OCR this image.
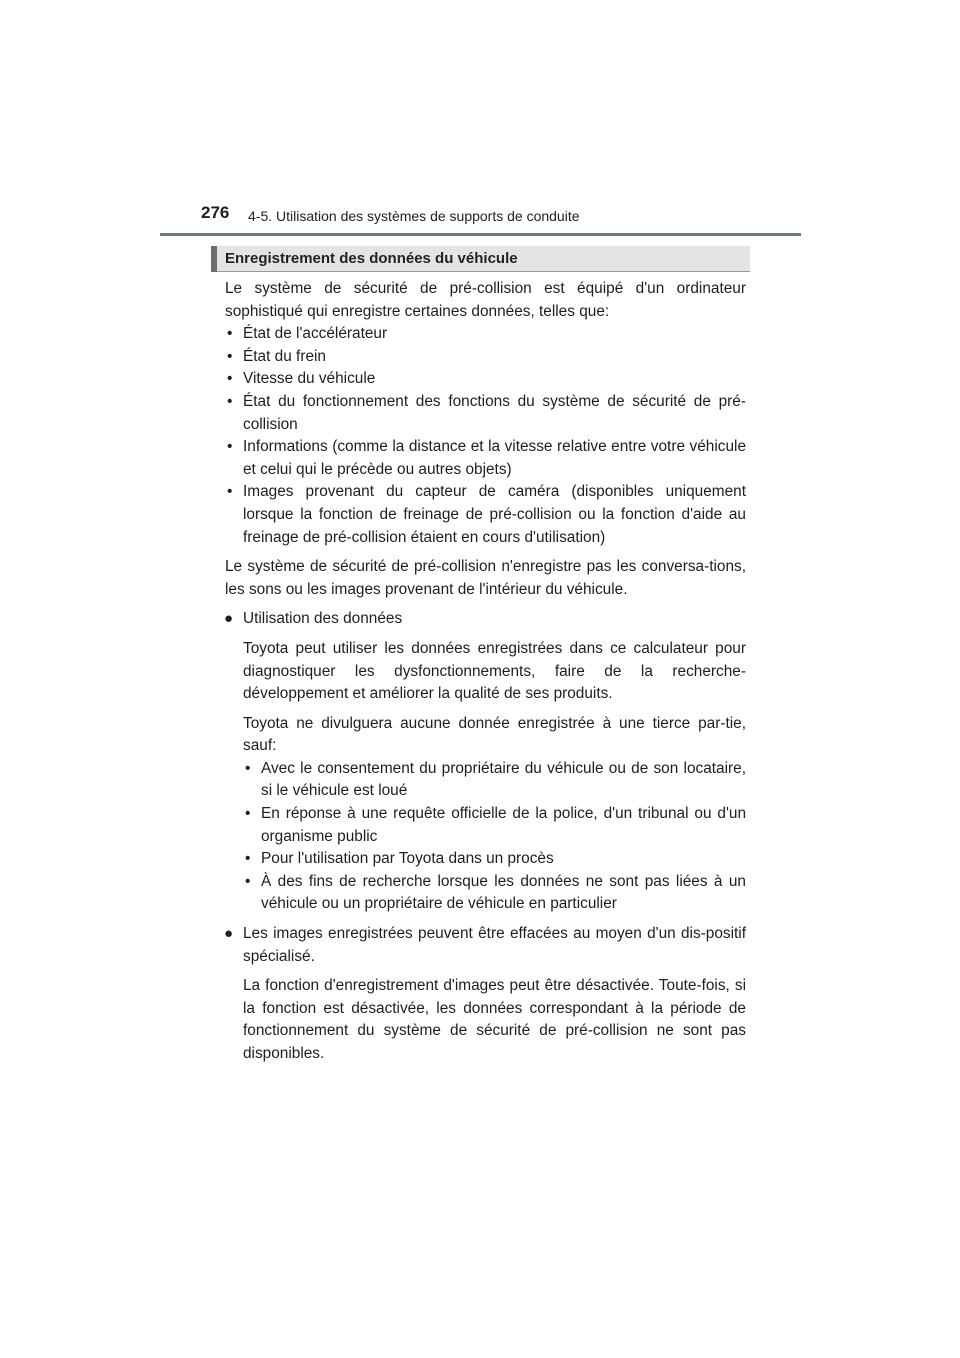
276 4-5. Utilisation des systèmes de supports de conduite
Enregistrement des données du véhicule

Le système de sécurité de pré-collision est équipé d'un ordinateur sophistiqué qui enregistre certaines données, telles que:

• État de l'accélérateur
• État du frein
• Vitesse du véhicule
• État du fonctionnement des fonctions du système de sécurité de pré-collision
• Informations (comme la distance et la vitesse relative entre votre véhicule et celui qui le précède ou autres objets)
• Images provenant du capteur de caméra (disponibles uniquement lorsque la fonction de freinage de pré-collision ou la fonction d'aide au freinage de pré-collision étaient en cours d'utilisation)

Le système de sécurité de pré-collision n'enregistre pas les conversa-tions, les sons ou les images provenant de l'intérieur du véhicule.

● Utilisation des données

Toyota peut utiliser les données enregistrées dans ce calculateur pour diagnostiquer les dysfonctionnements, faire de la recherche-développement et améliorer la qualité de ses produits.

Toyota ne divulguera aucune donnée enregistrée à une tierce par-tie, sauf:

• Avec le consentement du propriétaire du véhicule ou de son locataire, si le véhicule est loué
• En réponse à une requête officielle de la police, d'un tribunal ou d'un organisme public
• Pour l'utilisation par Toyota dans un procès
• À des fins de recherche lorsque les données ne sont pas liées à un véhicule ou un propriétaire de véhicule en particulier
● Les images enregistrées peuvent être effacées au moyen d'un dis-positif spécialisé.

La fonction d'enregistrement d'images peut être désactivée. Toute-fois, si la fonction est désactivée, les données correspondant à la période de fonctionnement du système de sécurité de pré-collision ne sont pas disponibles.
